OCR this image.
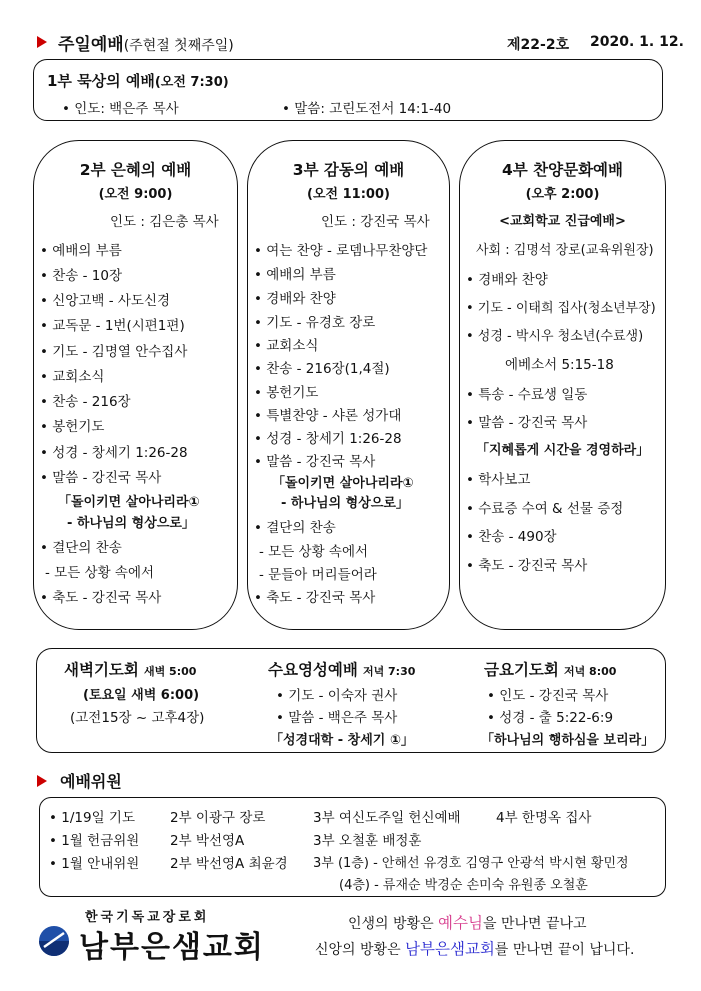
주일예배(주현절 첫째주일)	제22-2호 2020. 1. 12.
1부 묵상의 예배(오전 7:30)
• 인도: 백은주 목사	• 말씀: 고린도전서 14:1-40
2부 은혜의 예배
(오전 9:00)
인도 : 김은총 목사
• 예배의 부름
• 찬송 - 10장
• 신앙고백 - 사도신경
• 교독문 - 1번(시편1편)
• 기도 - 김명열 안수집사
• 교회소식
• 찬송 - 216장
• 봉헌기도
• 성경 - 창세기 1:26-28
• 말씀 - 강진국 목사
「돌이키면 살아나리라①
- 하나님의 형상으로」
• 결단의 찬송
- 모든 상황 속에서
• 축도 - 강진국 목사
3부 감동의 예배
(오전 11:00)
인도 : 강진국 목사
• 여는 찬양 - 로뎀나무찬양단
• 예배의 부름
• 경배와 찬양
• 기도 - 유경호 장로
• 교회소식
• 찬송 - 216장(1,4절)
• 봉헌기도
• 특별찬양 - 샤론 성가대
• 성경 - 창세기 1:26-28
• 말씀 - 강진국 목사
「돌이키면 살아나리라①
- 하나님의 형상으로」
• 결단의 찬송
- 모든 상황 속에서
- 문들아 머리들어라
• 축도 - 강진국 목사
4부 찬양문화예배
(오후 2:00)
<교회학교 진급예배>
사회 : 김명석 장로(교육위원장)
• 경배와 찬양
• 기도 - 이태희 집사(청소년부장)
• 성경 - 박시우 청소년(수료생)
에베소서 5:15-18
• 특송 - 수료생 일동
• 말씀 - 강진국 목사
「지혜롭게 시간을 경영하라」
• 학사보고
• 수료증 수여 & 선물 증정
• 찬송 - 490장
• 축도 - 강진국 목사
새벽기도회 새벽 5:00
(토요일 새벽 6:00)
(고전15장 ~ 고후4장)
수요영성예배 저녁 7:30
• 기도 - 이숙자 권사
• 말씀 - 백은주 목사
「성경대학 - 창세기 ①」
금요기도회 저녁 8:00
• 인도 - 강진국 목사
• 성경 - 출 5:22-6:9
「하나님의 행하심을 보리라」
예배위원
• 1/19일 기도	2부 이광구 장로	3부 여신도주일 헌신예배	4부 한명옥 집사
• 1월 헌금위원 2부 박선영A	3부 오철훈 배정훈
• 1월 안내위원 2부 박선영A 최윤경 3부 (1층) - 안해선 유경호 김영구 안광석 박시현 황민정
(4층) - 류재순 박경순 손미숙 유원종 오철훈
한국기독교장로회
남부은샘교회
인생의 방황은 예수님을 만나면 끝나고
신앙의 방황은 남부은샘교회를 만나면 끝이 납니다.
